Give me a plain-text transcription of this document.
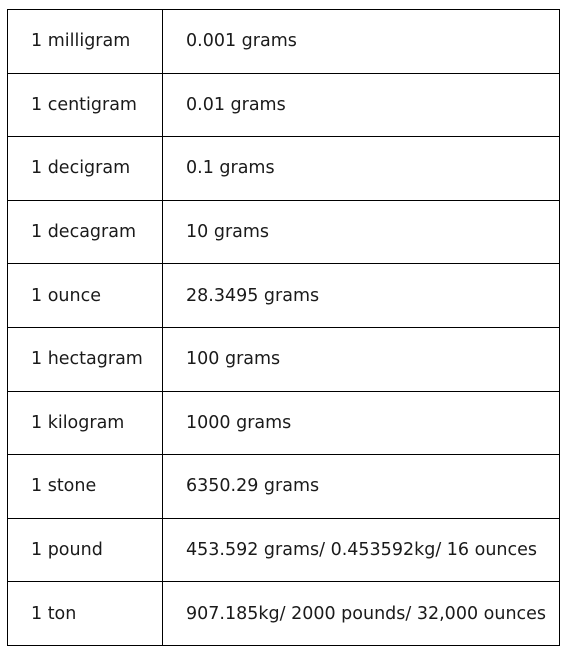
1 milligram	0.001 grams
1 centigram	0.01 grams
1 decigram	0.1 grams
1 decagram	10 grams
1 ounce	28.3495 grams
1 hectagram	100 grams
1 kilogram	1000 grams
1 stone	6350.29 grams
1 pound	453.592 grams/ 0.453592kg/ 16 ounces
1 ton	907.185kg/ 2000 pounds/ 32,000 ounces
